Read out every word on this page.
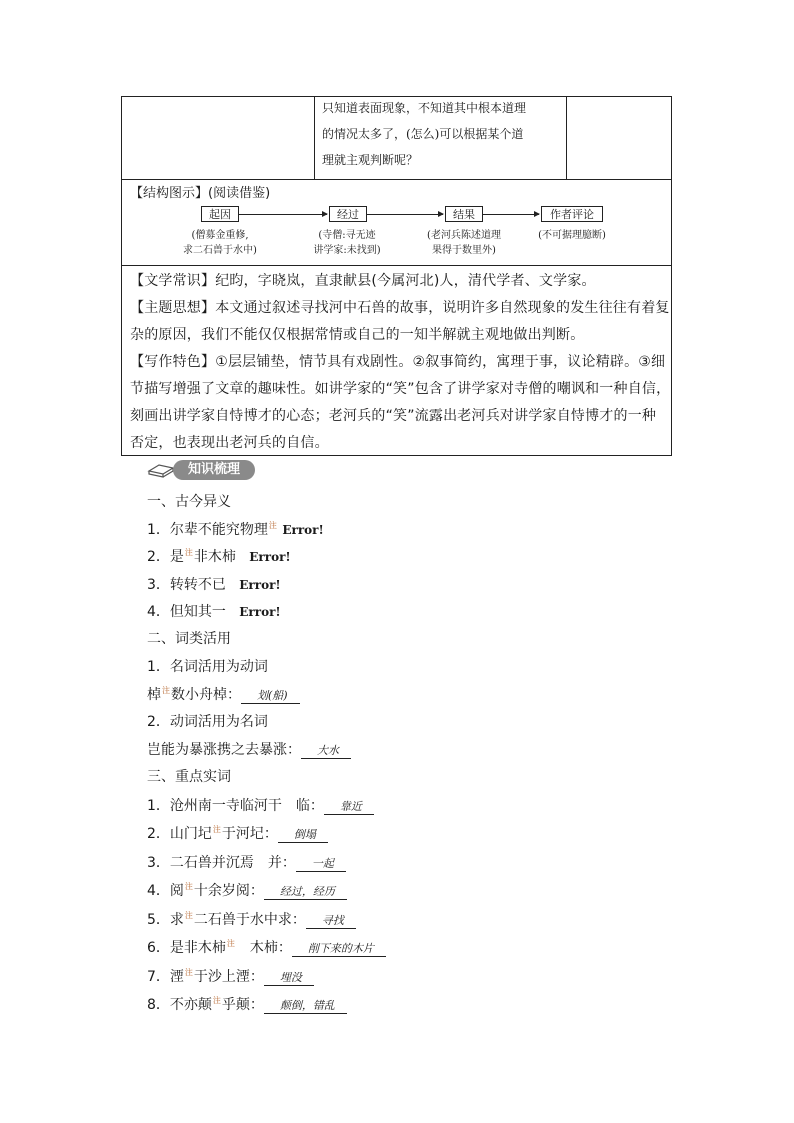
只知道表面现象，不知道其中根本道理
的情况太多了，(怎么)可以根据某个道
理就主观判断呢？
【结构图示】(阅读借鉴)
起因	经过	结果	作者评论
(僧募金重修,
求二石兽于水中)
(寺僧:寻无迹
讲学家:未找到)
(老河兵陈述道理
果得于数里外)
(不可据理臆断)
【文学常识】纪昀，字晓岚，直隶献县(今属河北)人，清代学者、文学家。
【主题思想】本文通过叙述寻找河中石兽的故事，说明许多自然现象的发生往往有着复
杂的原因，我们不能仅仅根据常情或自己的一知半解就主观地做出判断。
【写作特色】①层层铺垫，情节具有戏剧性。②叙事简约，寓理于事，议论精辟。③细
节描写增强了文章的趣味性。如讲学家的“笑”包含了讲学家对寺僧的嘲讽和一种自信，
刻画出讲学家自恃博才的心态；老河兵的“笑”流露出老河兵对讲学家自恃博才的一种
否定，也表现出老河兵的自信。
知识梳理
一、古今异义
1．尔辈不能究物理$^注$ Error!
2．是$^注$非木柿 Error!
3．转转不已 Error!
4．但知其一 Error!
二、词类活用
1．名词活用为动词
棹$^注$数小舟棹： 划(船)
2．动词活用为名词
岂能为暴涨携之去暴涨： 大水
三、重点实词
1．沧州南一寺临河干　临： 靠近
2．山门圮$^注$于河圮： 倒塌
3．二石兽并沉焉　并： 一起
4．阅$^注$十余岁阅： 经过，经历
5．求$^注$二石兽于水中求： 寻找
6．是非木柿$^注$　木柿： 削下来的木片
7．湮$^注$于沙上湮： 埋没
8．不亦颠$^注$乎颠： 颠倒，错乱
